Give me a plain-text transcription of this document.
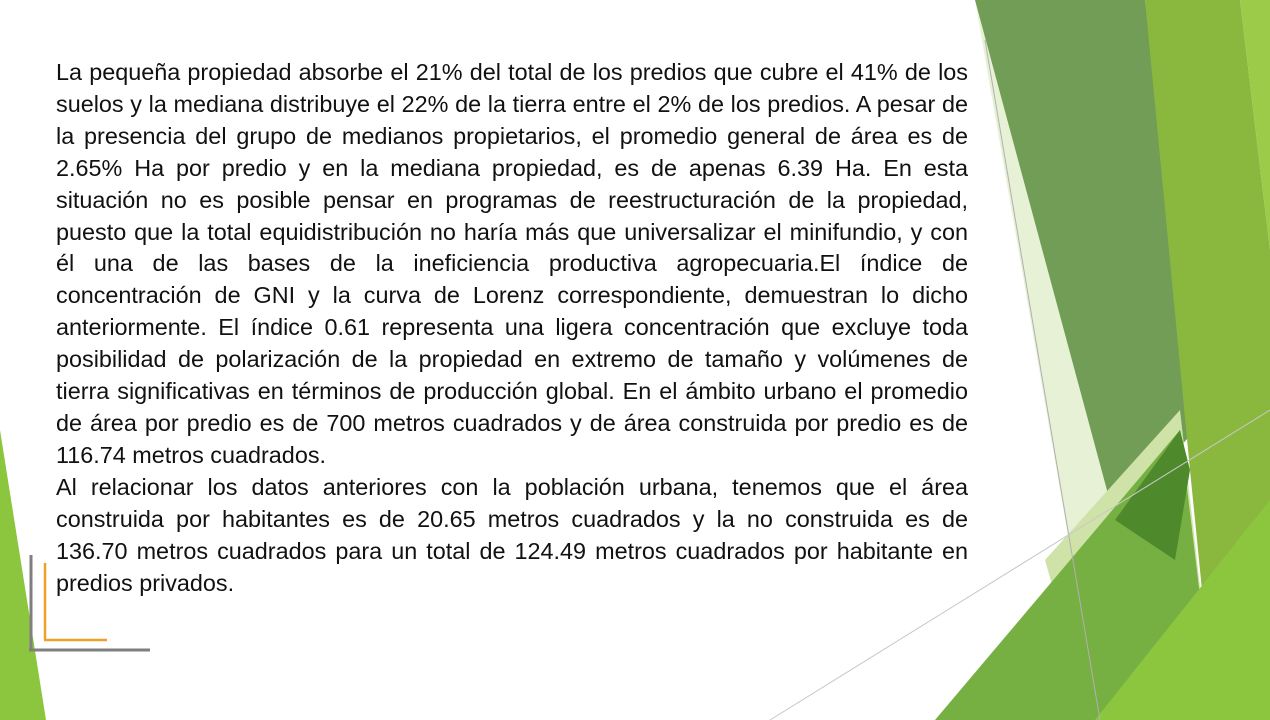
La pequeña propiedad absorbe el 21% del total de los predios que cubre el 41% de los suelos y la mediana distribuye el 22% de la tierra entre el 2% de los predios. A pesar de la presencia del grupo de medianos propietarios, el promedio general de área es de 2.65% Ha por predio y en la mediana propiedad, es de apenas 6.39 Ha. En esta situación no es posible pensar en programas de reestructuración de la propiedad, puesto que la total equidistribución no haría más que universalizar el minifundio, y con él una de las bases de la ineficiencia productiva agropecuaria.El índice de concentración de GNI y la curva de Lorenz correspondiente, demuestran lo dicho anteriormente. El índice 0.61 representa una ligera concentración que excluye toda posibilidad de polarización de la propiedad en extremo de tamaño y volúmenes de tierra significativas en términos de producción global. En el ámbito urbano el promedio de área por predio es de 700 metros cuadrados y de área construida por predio es de 116.74 metros cuadrados.

Al relacionar los datos anteriores con la población urbana, tenemos que el área construida por habitantes es de 20.65 metros cuadrados y la no construida es de 136.70 metros cuadrados para un total de 124.49 metros cuadrados por habitante en predios privados.
